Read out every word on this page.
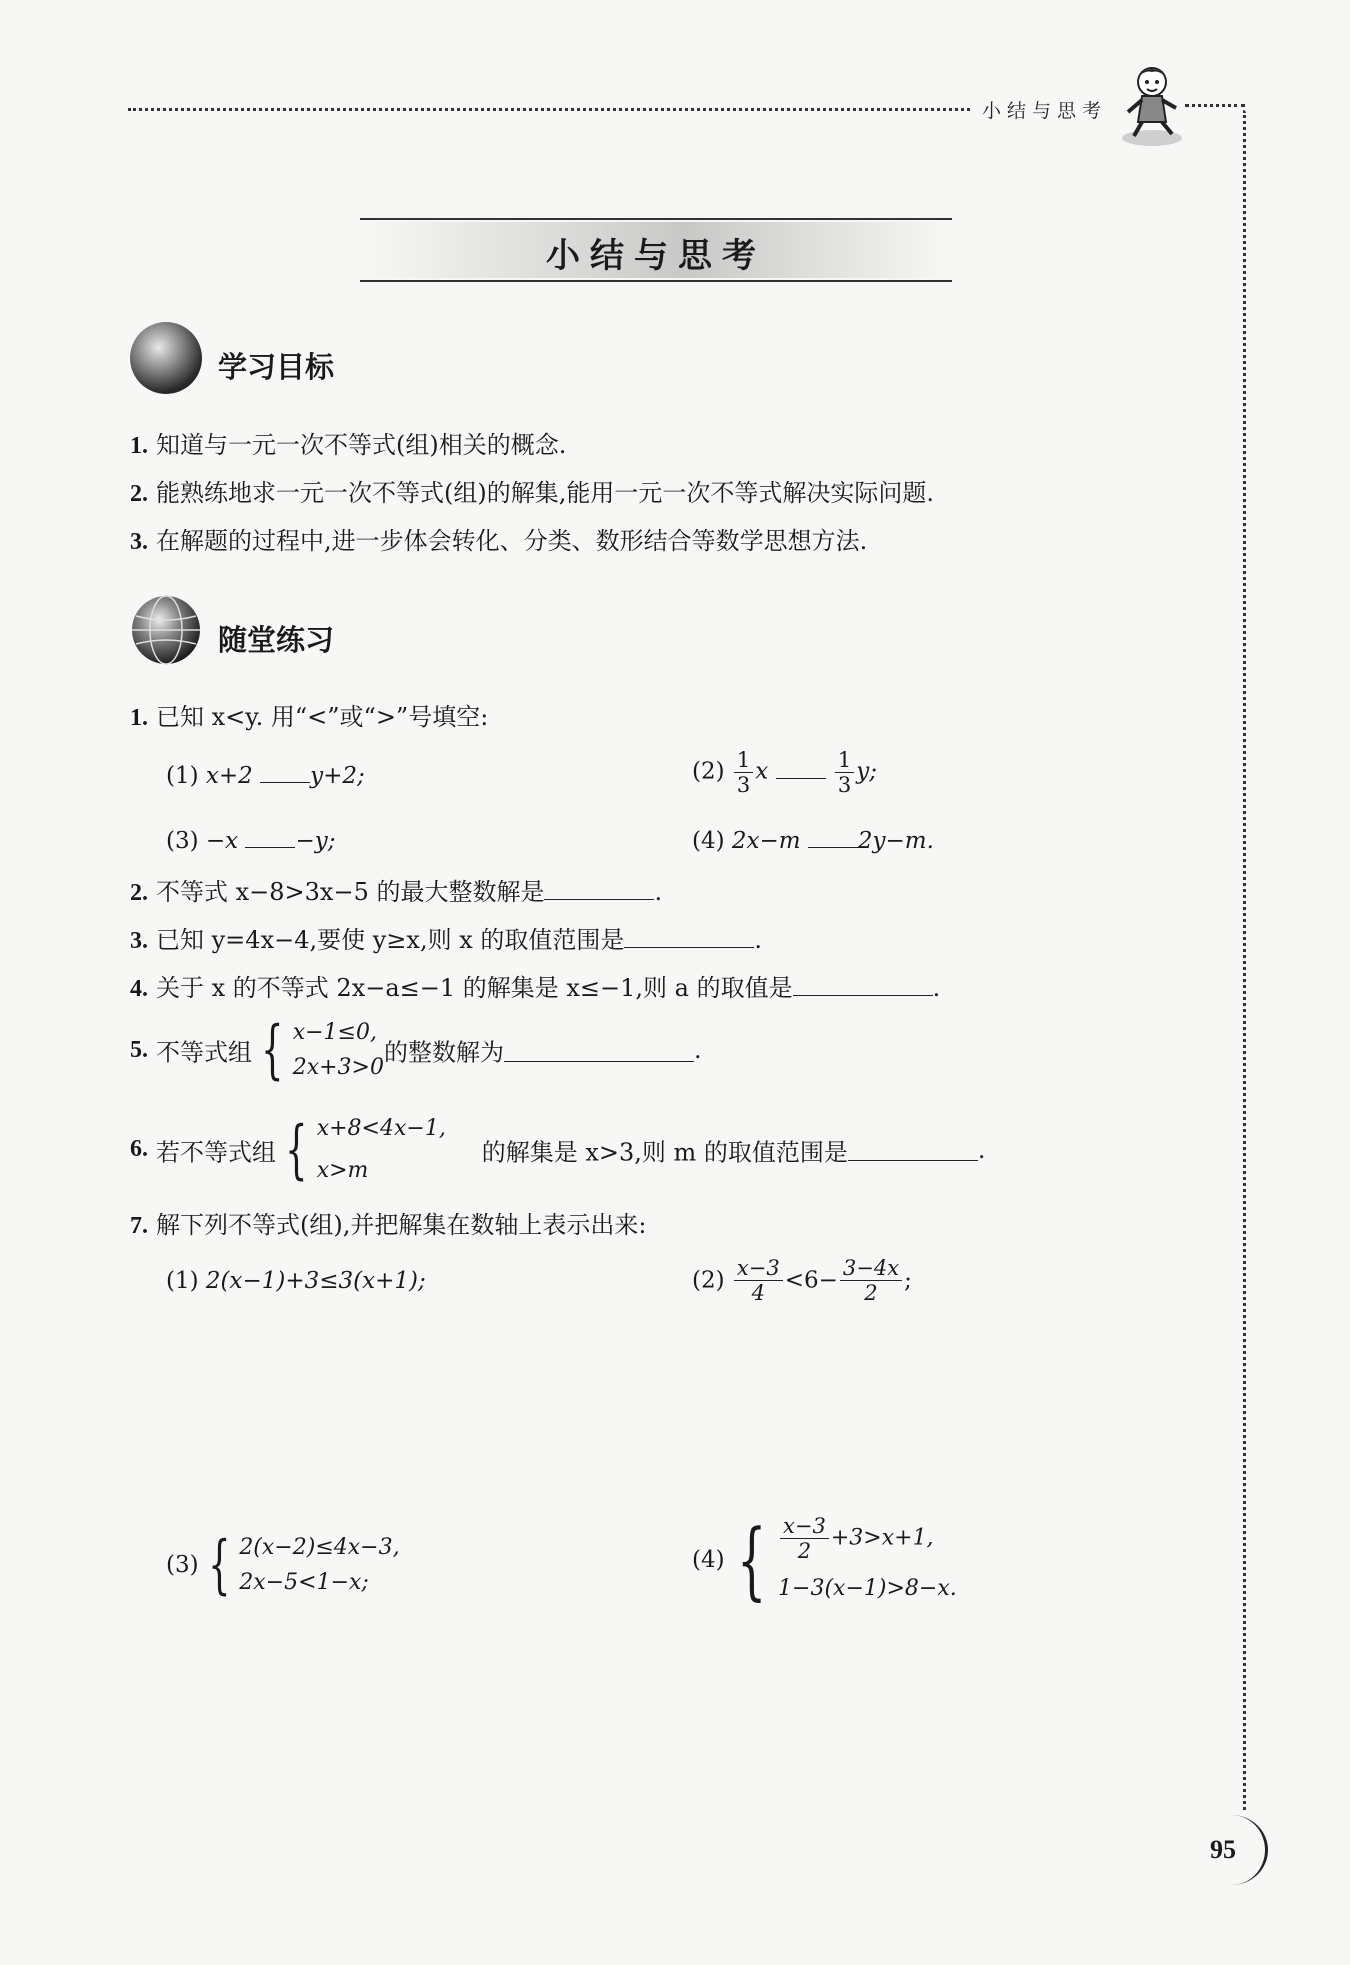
小结与思考
小结与思考
学习目标
1. 知道与一元一次不等式(组)相关的概念.
2. 能熟练地求一元一次不等式(组)的解集,能用一元一次不等式解决实际问题.
3. 在解题的过程中,进一步体会转化、分类、数形结合等数学思想方法.
随堂练习
1. 已知 x<y. 用“<”或“>”号填空:
(1) x+2 y+2;	$(2) \frac{1}{3}$ x	$\frac{1}{3} y$;
(3) −x −y;	(4) 2x−m 2y−m.
2. 不等式 x−8>3x−5 的最大整数解是	.
3. 已知 y=4x−4,要使 y≥x,则 x 的取值范围是	.
4. 关于 x 的不等式 2x−a≤−1 的解集是 x≤−1,则 a 的取值是	.
5. 不等式组 { x−1≤0,
2x+3>0
的整数解为	.
6. 若不等式组 { x+8<4x−1,
x>m
的解集是 x>3,则 m 的取值范围是	.
7. 解下列不等式(组),并把解集在数轴上表示出来:
(1) 2(x−1)+3≤3(x+1);	$(2) \frac{x-3}{4} <6- \frac{3-4x}{2}$ ;
(3) { 2(x−2)≤4x−3,
2x−5<1−x;
(4) { $\frac{x-3}{2} +3>x+1$,
1−3(x−1)>8−x.
95
